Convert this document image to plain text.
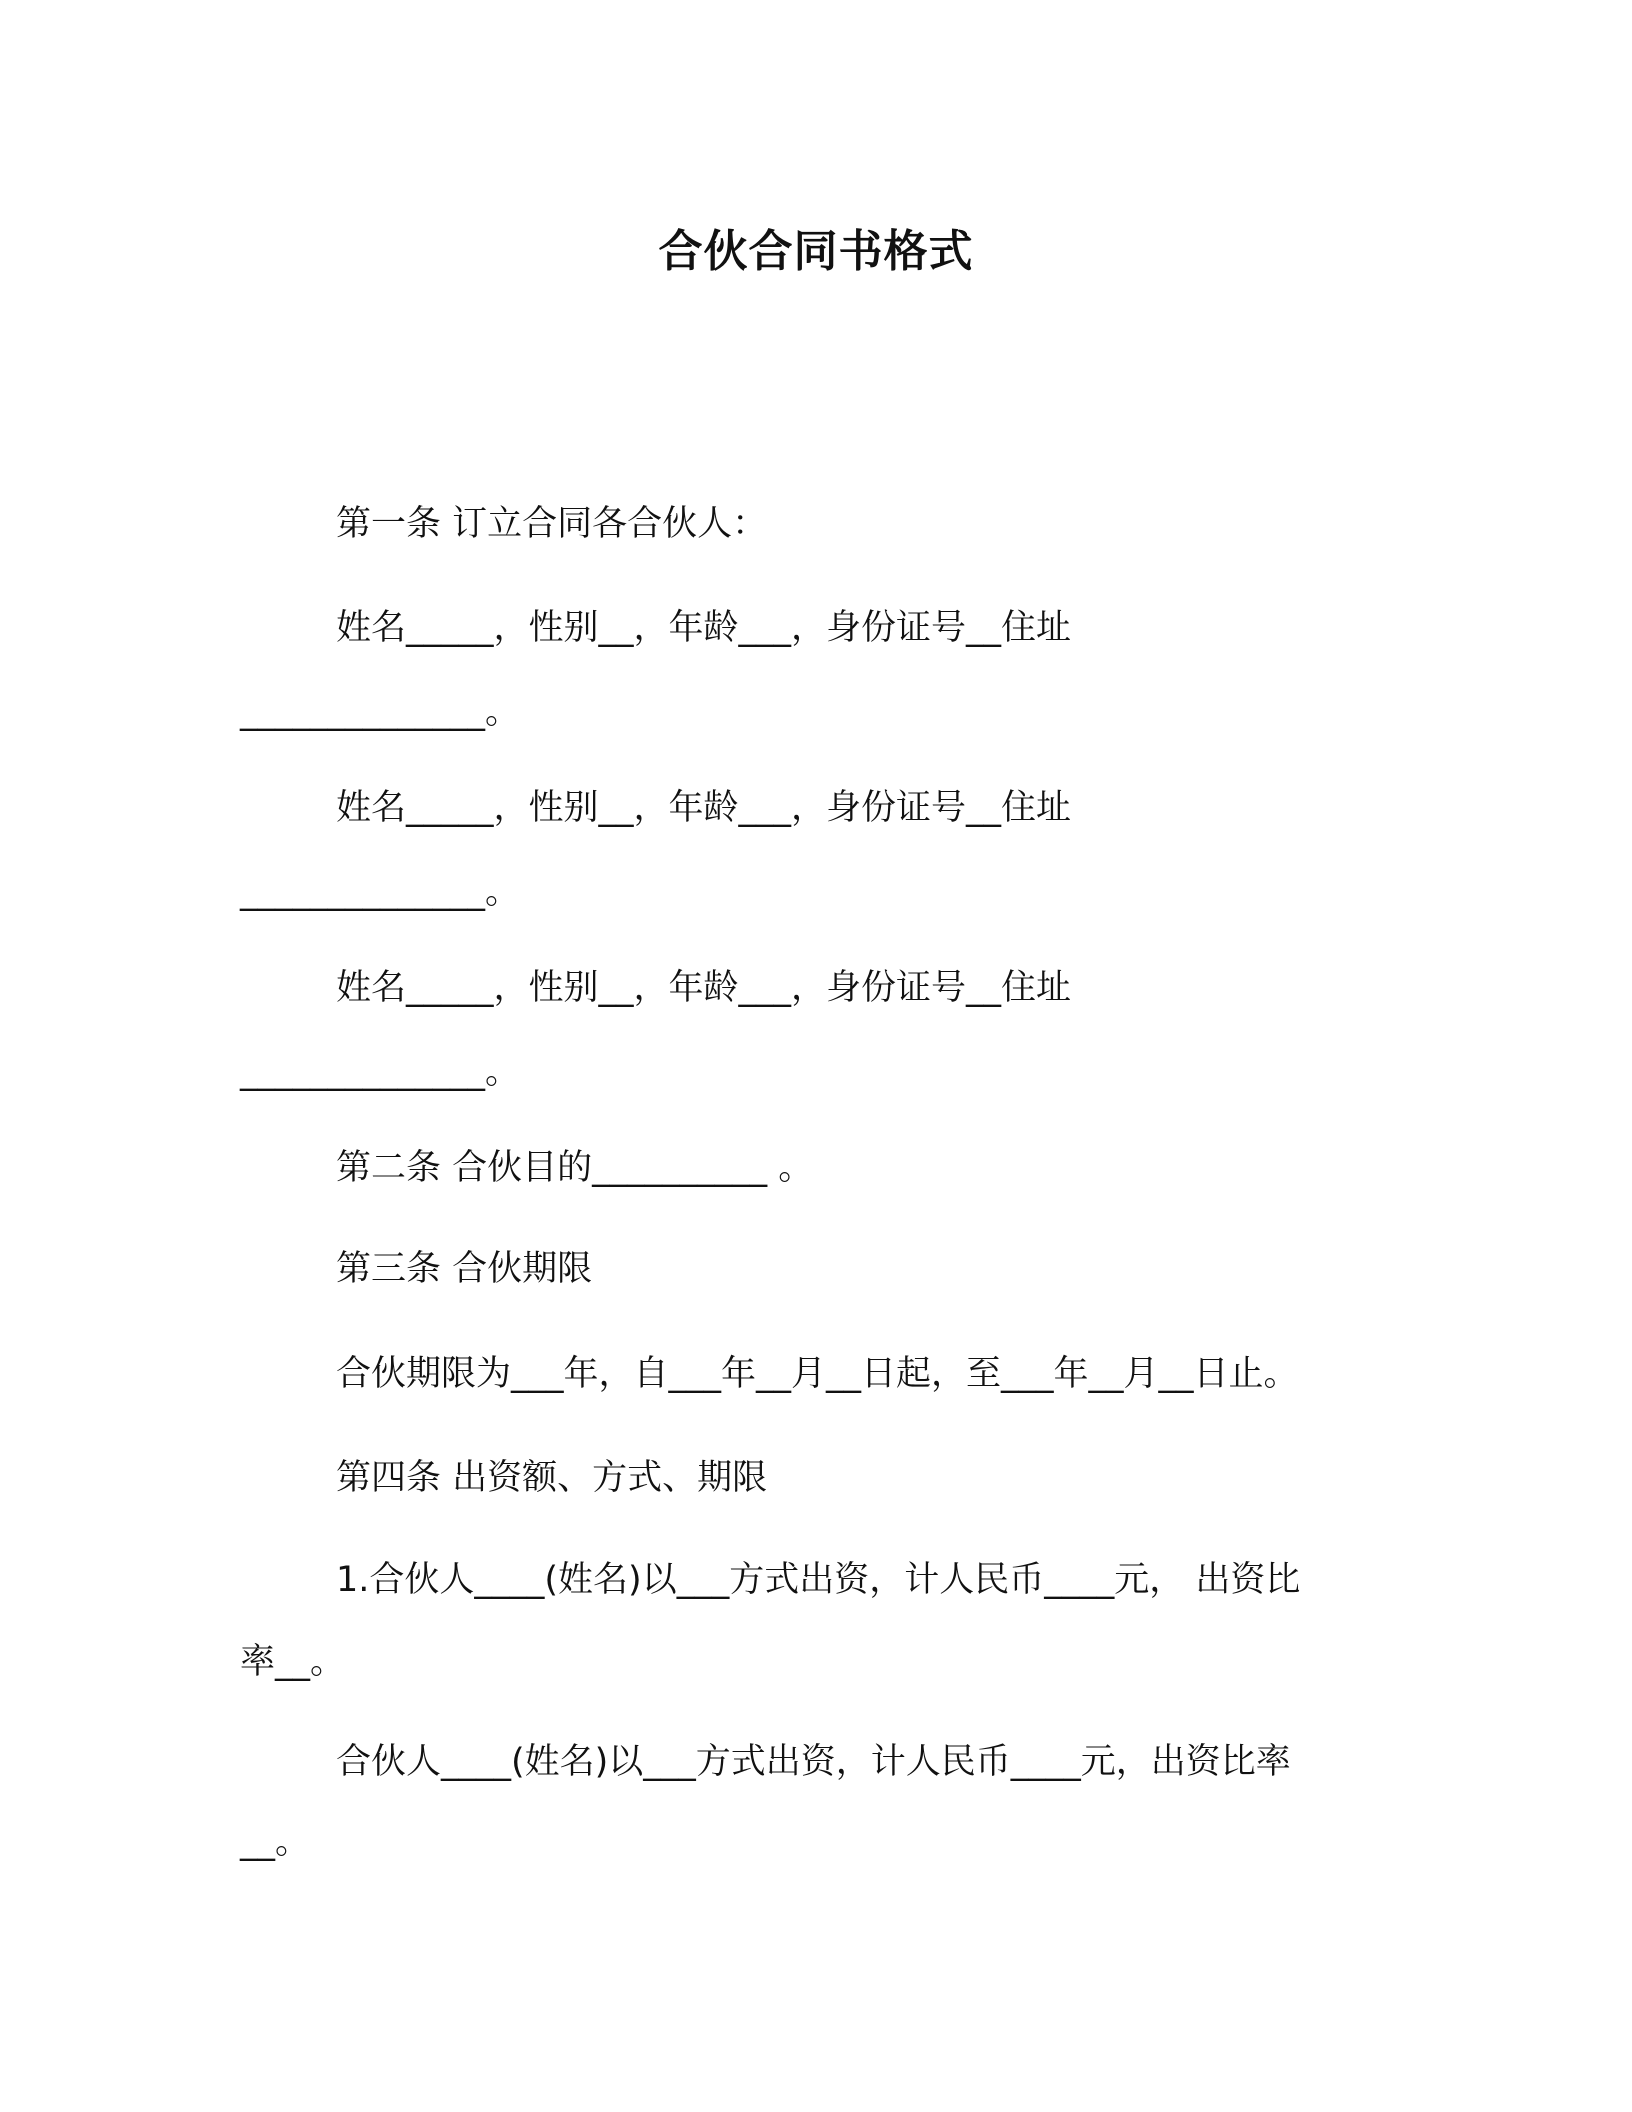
合伙合同书格式
第一条 订立合同各合伙人：
姓名_____，性别__，年龄___，身份证号__住址
______________。
姓名_____，性别__，年龄___，身份证号__住址
______________。
姓名_____，性别__，年龄___，身份证号__住址
______________。
第二条 合伙目的__________ 。
第三条 合伙期限
合伙期限为___年，自___年__月__日起，至___年__月__日止。
第四条 出资额、方式、期限
1.合伙人____(姓名)以___方式出资，计人民币____元， 出资比
率__。
合伙人____(姓名)以___方式出资，计人民币____元，出资比率
__。
